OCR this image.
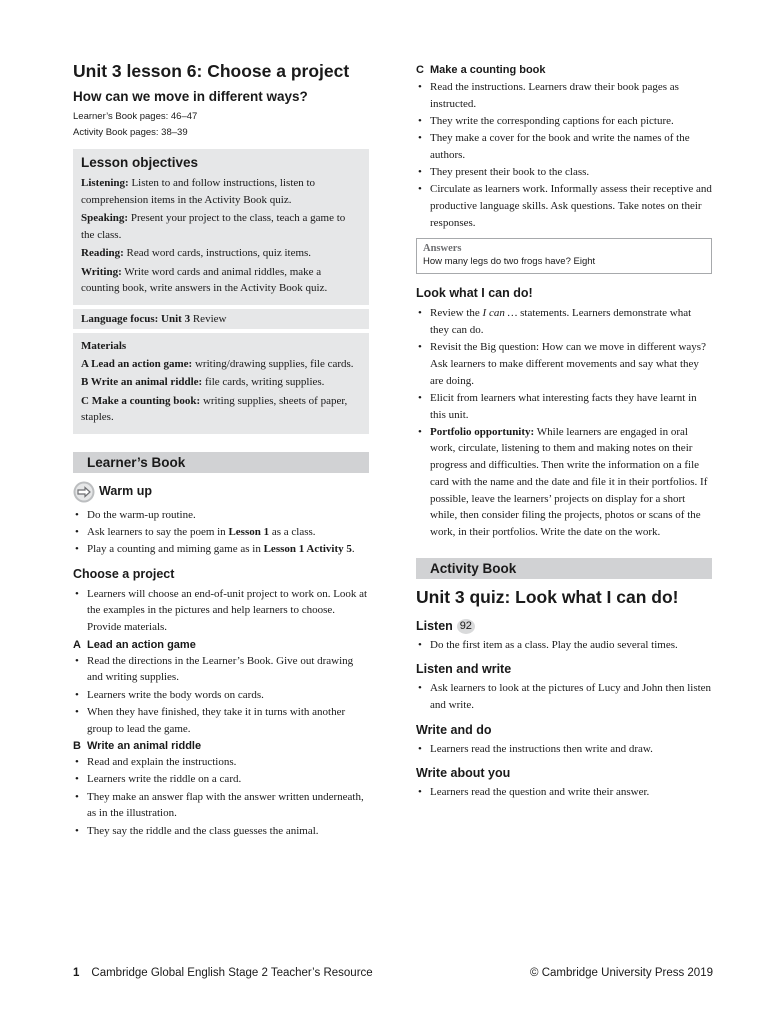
Unit 3 lesson 6: Choose a project
How can we move in different ways?
Learner’s Book pages: 46–47
Activity Book pages: 38–39
Lesson objectives

Listening: Listen to and follow instructions, listen to comprehension items in the Activity Book quiz.

Speaking: Present your project to the class, teach a game to the class.

Reading: Read word cards, instructions, quiz items.

Writing: Write word cards and animal riddles, make a counting book, write answers in the Activity Book quiz.

Language focus: Unit 3 Review

Materials

A Lead an action game: writing/drawing supplies, file cards.

B Write an animal riddle: file cards, writing supplies.

C Make a counting book: writing supplies, sheets of paper, staples.

Learner’s Book
Warm up
• Do the warm-up routine.
• Ask learners to say the poem in Lesson 1 as a class.
• Play a counting and miming game as in Lesson 1 Activity 5.
Choose a project
• Learners will choose an end-of-unit project to work on. Look at the examples in the pictures and help learners to choose. Provide materials.
A Lead an action game
• Read the directions in the Learner’s Book. Give out drawing and writing supplies.
• Learners write the body words on cards.
• When they have finished, they take it in turns with another group to lead the game.
B Write an animal riddle
• Read and explain the instructions.
• Learners write the riddle on a card.
• They make an answer flap with the answer written underneath, as in the illustration.
• They say the riddle and the class guesses the animal.
C Make a counting book
• Read the instructions. Learners draw their book pages as instructed.
• They write the corresponding captions for each picture.
• They make a cover for the book and write the names of the authors.
• They present their book to the class.
• Circulate as learners work. Informally assess their receptive and productive language skills. Ask questions. Take notes on their responses.
Answers
How many legs do two frogs have? Eight
Look what I can do!
• Review the I can … statements. Learners demonstrate what they can do.
• Revisit the Big question: How can we move in different ways? Ask learners to make different movements and say what they are doing.
• Elicit from learners what interesting facts they have learnt in this unit.
• Portfolio opportunity: While learners are engaged in oral work, circulate, listening to them and making notes on their progress and difficulties. Then write the information on a file card with the name and the date and file it in their portfolios. If possible, leave the learners’ projects on display for a short while, then consider filing the projects, photos or scans of the work, in their portfolios. Write the date on the work.
Activity Book
Unit 3 quiz: Look what I can do!
Listen 92
• Do the first item as a class. Play the audio several times.
Listen and write
• Ask learners to look at the pictures of Lucy and John then listen and write.
Write and do
• Learners read the instructions then write and draw.
Write about you
• Learners read the question and write their answer.
1 Cambridge Global English Stage 2 Teacher’s Resource	© Cambridge University Press 2019
